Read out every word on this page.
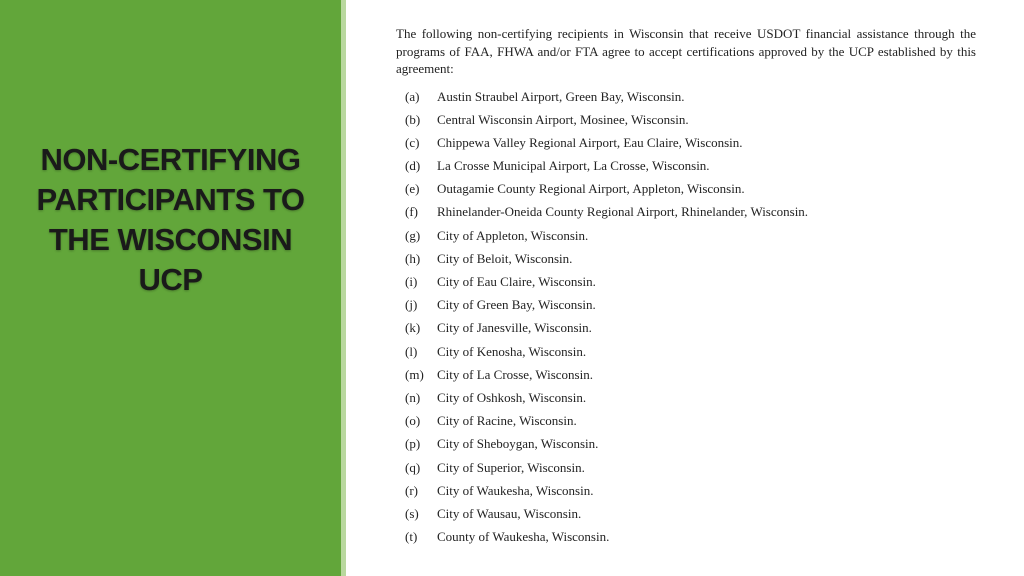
NON-CERTIFYING
PARTICIPANTS TO
THE WISCONSIN
UCP

The following non-certifying recipients in Wisconsin that receive USDOT financial assistance through the programs of FAA, FHWA and/or FTA agree to accept certifications approved by the UCP established by this agreement:

(a)	Austin Straubel Airport, Green Bay, Wisconsin.
(b)	Central Wisconsin Airport, Mosinee, Wisconsin.
(c)	Chippewa Valley Regional Airport, Eau Claire, Wisconsin.
(d)	La Crosse Municipal Airport, La Crosse, Wisconsin.
(e)	Outagamie County Regional Airport, Appleton, Wisconsin.
(f)	Rhinelander-Oneida County Regional Airport, Rhinelander, Wisconsin.
(g)	City of Appleton, Wisconsin.
(h)	City of Beloit, Wisconsin.
(i)	City of Eau Claire, Wisconsin.
(j)	City of Green Bay, Wisconsin.
(k)	City of Janesville, Wisconsin.
(l)	City of Kenosha, Wisconsin.
(m)	City of La Crosse, Wisconsin.
(n)	City of Oshkosh, Wisconsin.
(o)	City of Racine, Wisconsin.
(p)	City of Sheboygan, Wisconsin.
(q)	City of Superior, Wisconsin.
(r)	City of Waukesha, Wisconsin.
(s)	City of Wausau, Wisconsin.
(t)	County of Waukesha, Wisconsin.
